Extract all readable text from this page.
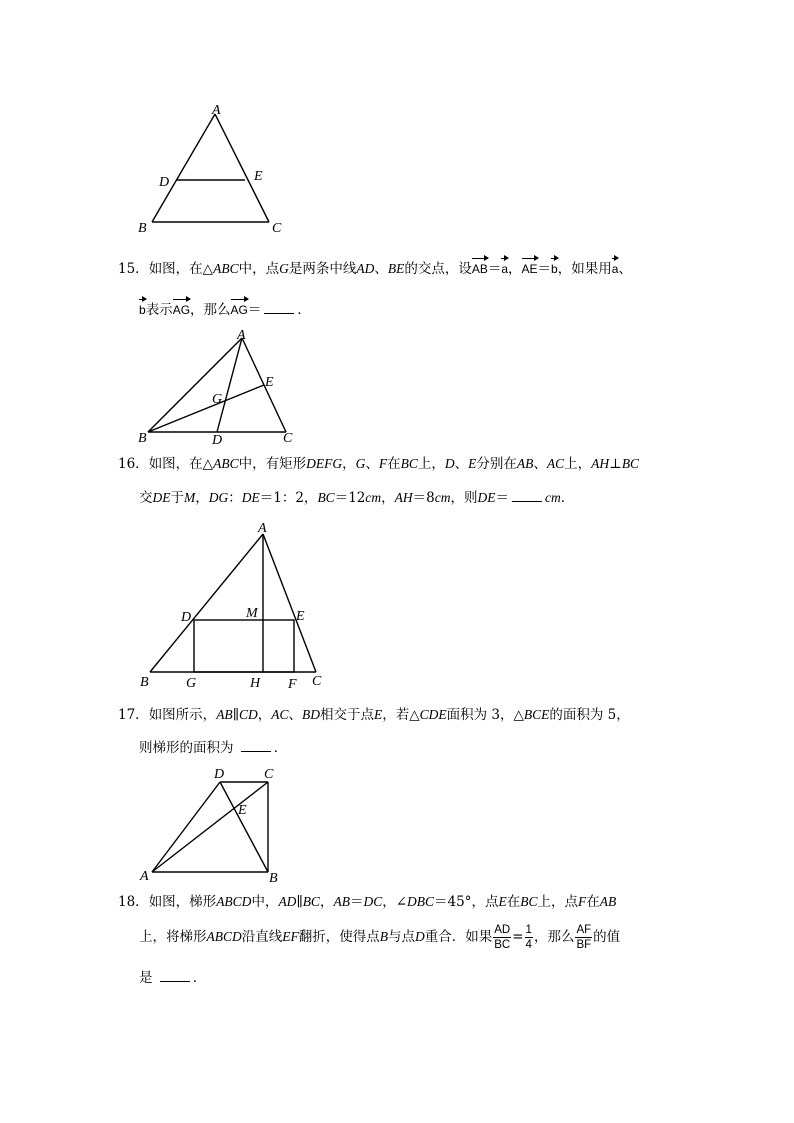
A
D	E
B	C
15．如图，在△ABC中，点G是两条中线AD、BE的交点，设AB＝a，AE＝b，如果用a、
b表示AG，那么AG＝	．
A
E
G
B	D	C
16．如图，在△ABC中，有矩形DEFG，G、F在BC上，D、E分别在AB、AC上，AH⊥BC
交DE于M，DG：DE＝1：2，BC＝12cm，AH＝8cm，则DE＝	cm．
A
D	M	E
B	G	H F C
17．如图所示，AB∥CD，AC、BD相交于点E，若△CDE面积为 3，△BCE的面积为 5，
则梯形的面积为	．
D	C
E
A	B
18．如图，梯形ABCD中，AD∥BC，AB＝DC，∠DBC＝45°，点E在BC上，点F在AB
上，将梯形ABCD沿直线EF翻折，使得点B与点D重合．如果 $\frac{AD}{BC} = \frac{1}{4}$ ，那么 $\frac{AF}{BF}$ 的值
是	．
